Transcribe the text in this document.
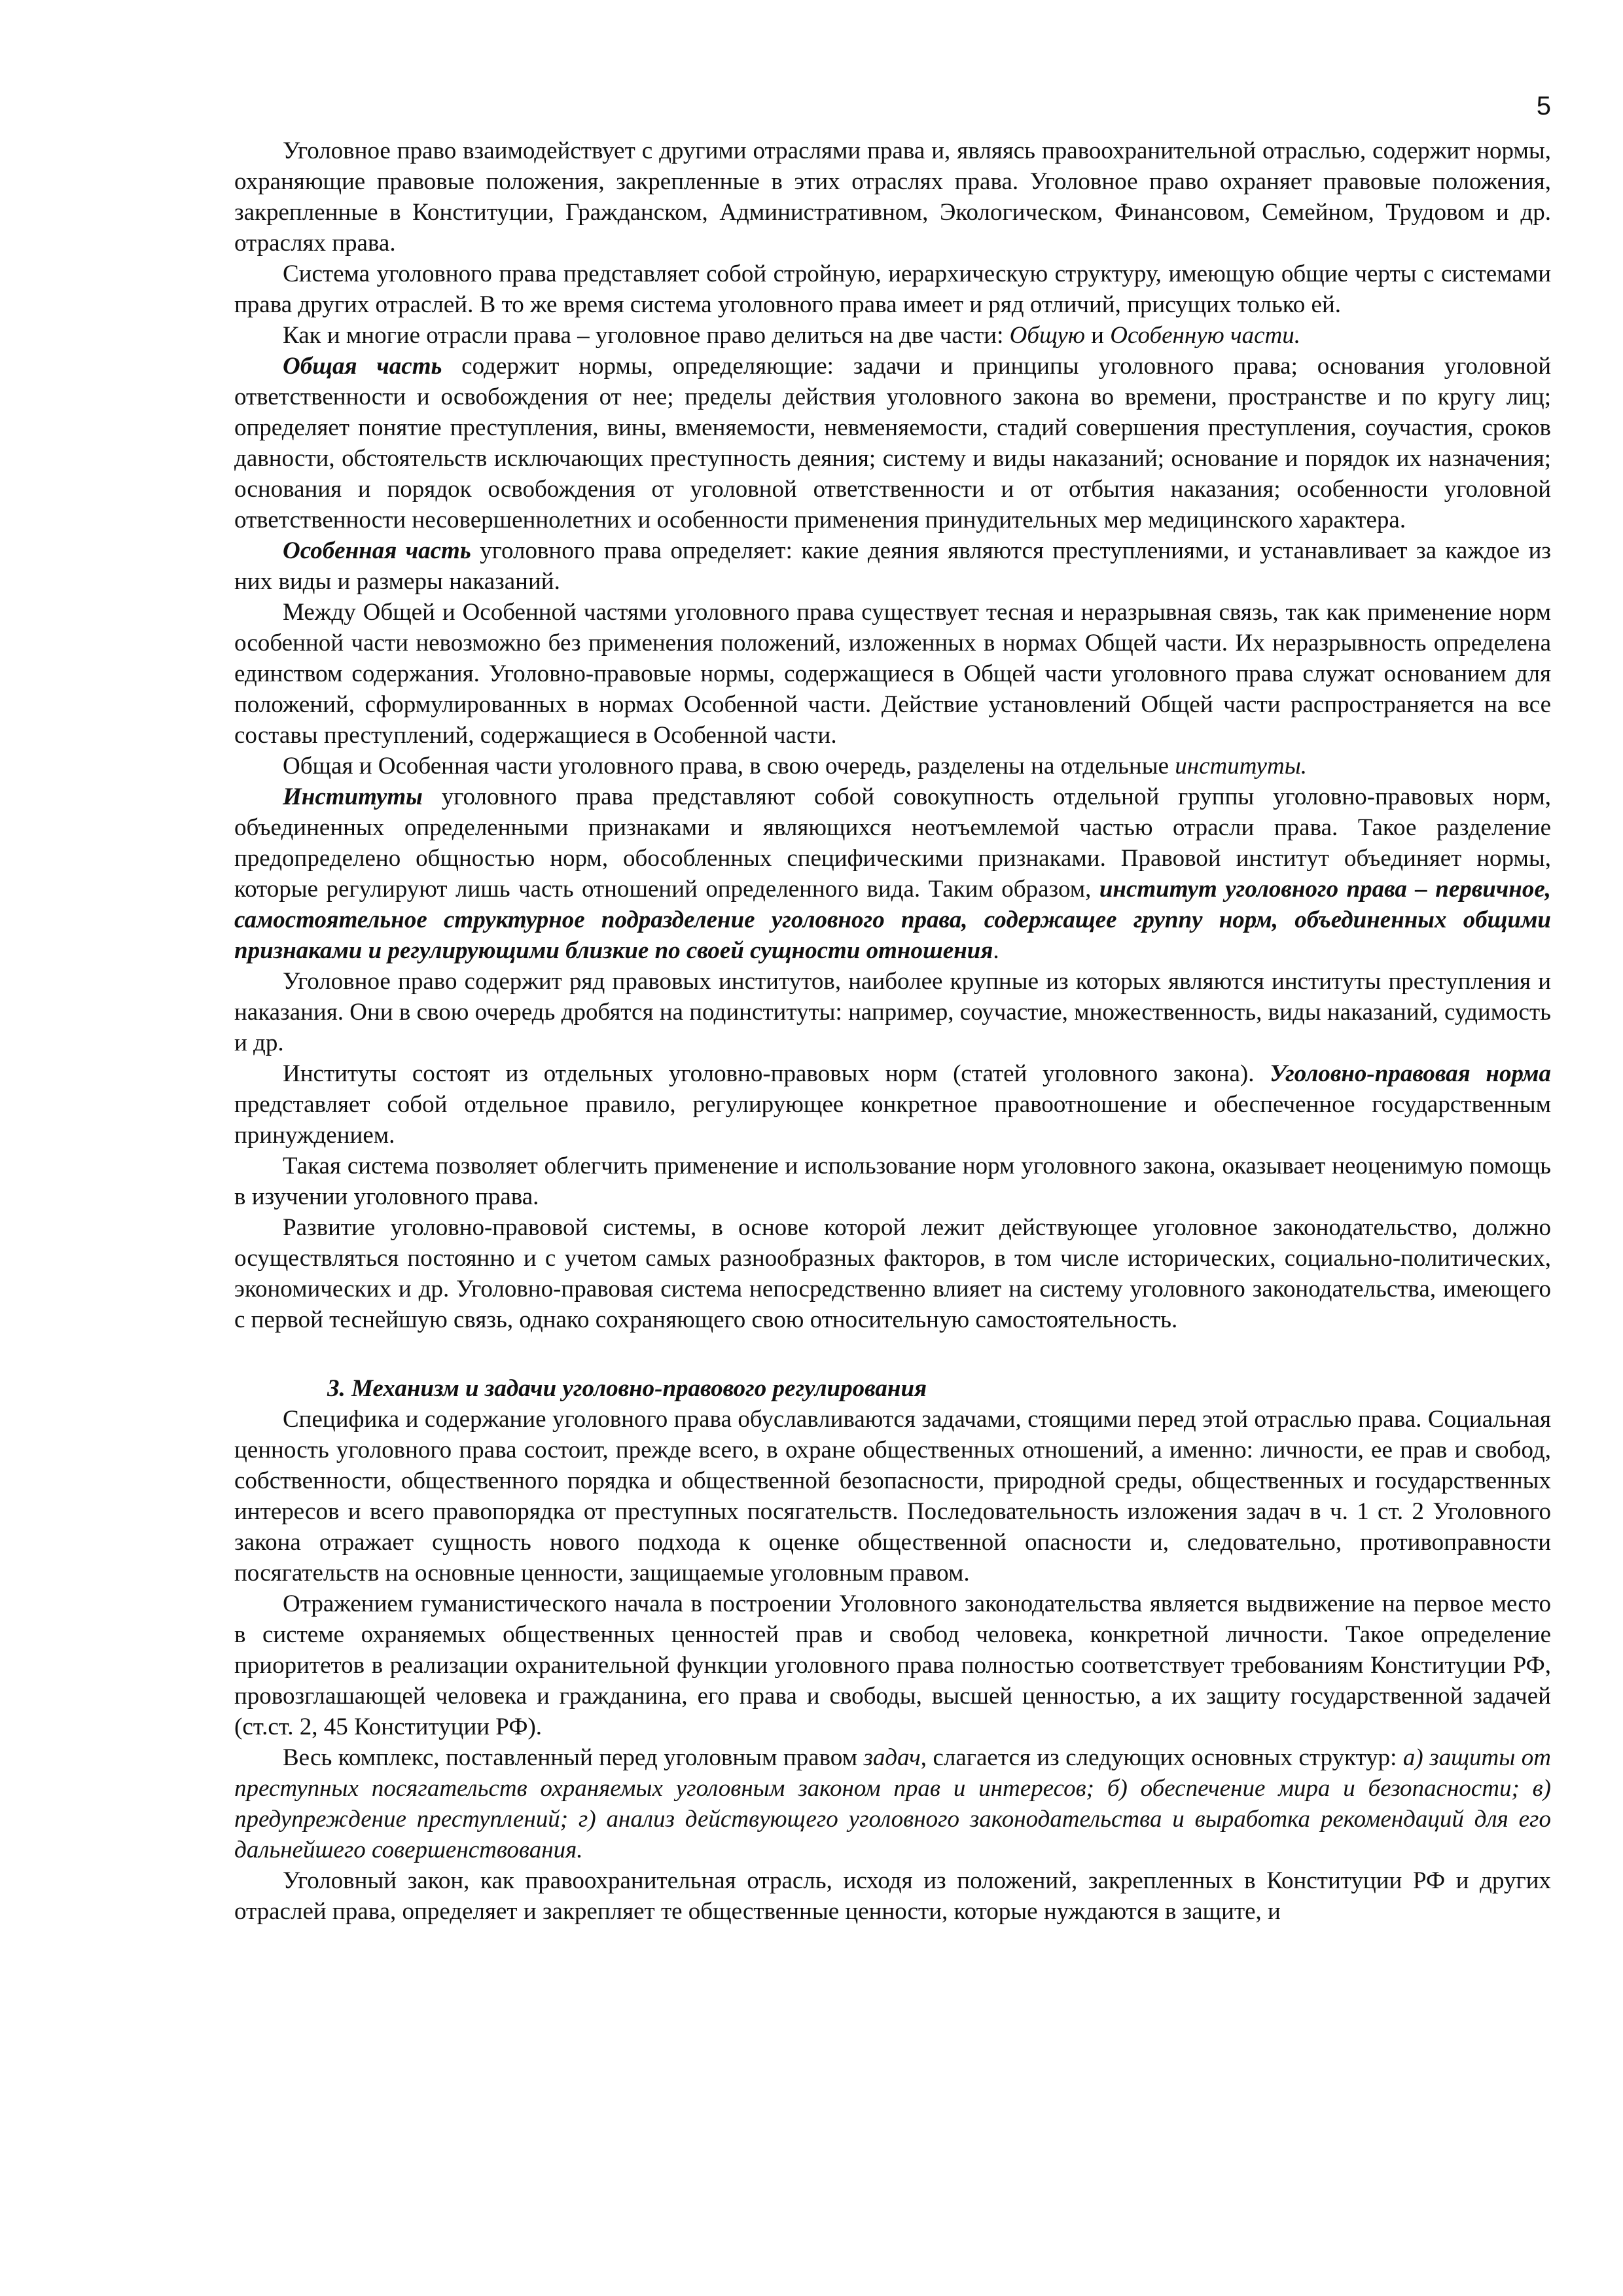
5

Уголовное право взаимодействует с другими отраслями права и, являясь правоохранительной отраслью, содержит нормы, охраняющие правовые положения, закрепленные в этих отраслях права. Уголовное право охраняет правовые положения, закрепленные в Конституции, Гражданском, Административном, Экологическом, Финансовом, Семейном, Трудовом и др. отраслях права.

Система уголовного права представляет собой стройную, иерархическую структуру, имеющую общие черты с системами права других отраслей. В то же время система уголовного права имеет и ряд отличий, присущих только ей.

Как и многие отрасли права – уголовное право делиться на две части: Общую и Особенную части.

Общая часть содержит нормы, определяющие: задачи и принципы уголовного права; основания уголовной ответственности и освобождения от нее; пределы действия уголовного закона во времени, пространстве и по кругу лиц; определяет понятие преступления, вины, вменяемости, невменяемости, стадий совершения преступления, соучастия, сроков давности, обстоятельств исключающих преступность деяния; систему и виды наказаний; основание и порядок их назначения; основания и порядок освобождения от уголовной ответственности и от отбытия наказания; особенности уголовной ответственности несовершеннолетних и особенности применения принудительных мер медицинского характера.

Особенная часть уголовного права определяет: какие деяния являются преступлениями, и устанавливает за каждое из них виды и размеры наказаний.

Между Общей и Особенной частями уголовного права существует тесная и неразрывная связь, так как применение норм особенной части невозможно без применения положений, изложенных в нормах Общей части. Их неразрывность определена единством содержания. Уголовно-правовые нормы, содержащиеся в Общей части уголовного права служат основанием для положений, сформулированных в нормах Особенной части. Действие установлений Общей части распространяется на все составы преступлений, содержащиеся в Особенной части.

Общая и Особенная части уголовного права, в свою очередь, разделены на отдельные институты.

Институты уголовного права представляют собой совокупность отдельной группы уголовно-правовых норм, объединенных определенными признаками и являющихся неотъемлемой частью отрасли права. Такое разделение предопределено общностью норм, обособленных специфическими признаками. Правовой институт объединяет нормы, которые регулируют лишь часть отношений определенного вида. Таким образом, институт уголовного права – первичное, самостоятельное структурное подразделение уголовного права, содержащее группу норм, объединенных общими признаками и регулирующими близкие по своей сущности отношения.

Уголовное право содержит ряд правовых институтов, наиболее крупные из которых являются институты преступления и наказания. Они в свою очередь дробятся на подинституты: например, соучастие, множественность, виды наказаний, судимость и др.

Институты состоят из отдельных уголовно-правовых норм (статей уголовного закона). Уголовно-правовая норма представляет собой отдельное правило, регулирующее конкретное правоотношение и обеспеченное государственным принуждением.

Такая система позволяет облегчить применение и использование норм уголовного закона, оказывает неоценимую помощь в изучении уголовного права.

Развитие уголовно-правовой системы, в основе которой лежит действующее уголовное законодательство, должно осуществляться постоянно и с учетом самых разнообразных факторов, в том числе исторических, социально-политических, экономических и др. Уголовно-правовая система непосредственно влияет на систему уголовного законодательства, имеющего с первой теснейшую связь, однако сохраняющего свою относительную самостоятельность.

3. Механизм и задачи уголовно-правового регулирования

Специфика и содержание уголовного права обуславливаются задачами, стоящими перед этой отраслью права. Социальная ценность уголовного права состоит, прежде всего, в охране общественных отношений, а именно: личности, ее прав и свобод, собственности, общественного порядка и общественной безопасности, природной среды, общественных и государственных интересов и всего правопорядка от преступных посягательств. Последовательность изложения задач в ч. 1 ст. 2 Уголовного закона отражает сущность нового подхода к оценке общественной опасности и, следовательно, противоправности посягательств на основные ценности, защищаемые уголовным правом.

Отражением гуманистического начала в построении Уголовного законодательства является выдвижение на первое место в системе охраняемых общественных ценностей прав и свобод человека, конкретной личности. Такое определение приоритетов в реализации охранительной функции уголовного права полностью соответствует требованиям Конституции РФ, провозглашающей человека и гражданина, его права и свободы, высшей ценностью, а их защиту государственной задачей (ст.ст. 2, 45 Конституции РФ).

Весь комплекс, поставленный перед уголовным правом задач, слагается из следующих основных структур: а) защиты от преступных посягательств охраняемых уголовным законом прав и интересов; б) обеспечение мира и безопасности; в) предупреждение преступлений; г) анализ действующего уголовного законодательства и выработка рекомендаций для его дальнейшего совершенствования.

Уголовный закон, как правоохранительная отрасль, исходя из положений, закрепленных в Конституции РФ и других отраслей права, определяет и закрепляет те общественные ценности, которые нуждаются в защите, и
